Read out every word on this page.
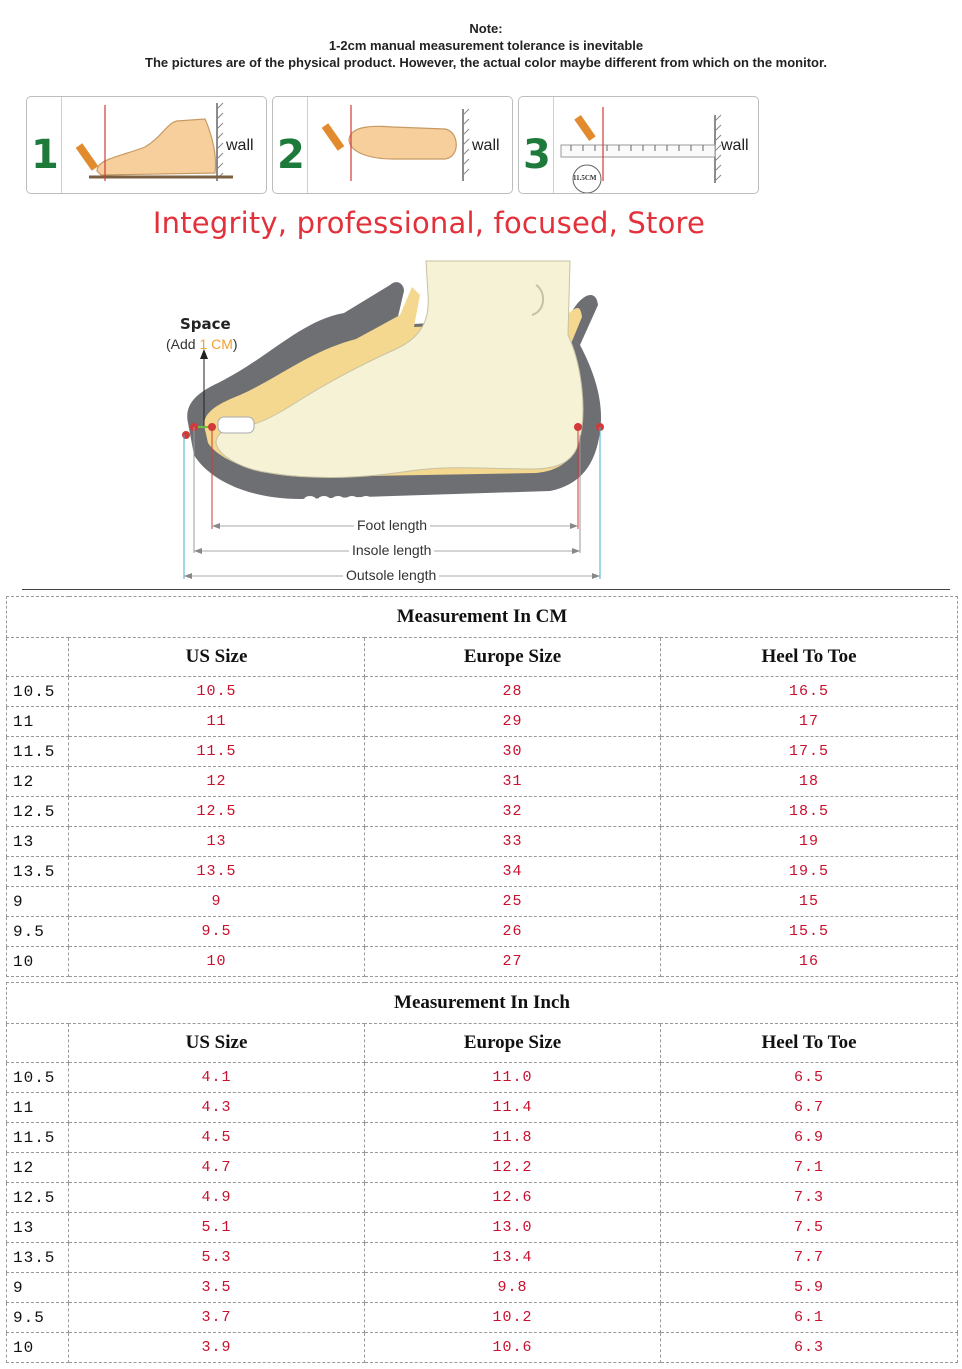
Note:
1-2cm manual measurement tolerance is inevitable
The pictures are of the physical product. However, the actual color maybe different from which on the monitor.
1	wall 2	wall 3	11.5CM
wall
Integrity, professional, focused, Store
Space
(Add 1 CM)
Foot length
Insole length
Outsole length
Measurement In CM			
	US Size	Europe Size	Heel To Toe
10.5	10.5	28	16.5
11	11	29	17
11.5	11.5	30	17.5
12	12	31	18
12.5	12.5	32	18.5
13	13	33	19
13.5	13.5	34	19.5
9	9	25	15
9.5	9.5	26	15.5
10	10	27	16
Measurement In Inch			
	US Size	Europe Size	Heel To Toe
10.5	4.1	11.0	6.5
11	4.3	11.4	6.7
11.5	4.5	11.8	6.9
12	4.7	12.2	7.1
12.5	4.9	12.6	7.3
13	5.1	13.0	7.5
13.5	5.3	13.4	7.7
9	3.5	9.8	5.9
9.5	3.7	10.2	6.1
10	3.9	10.6	6.3
